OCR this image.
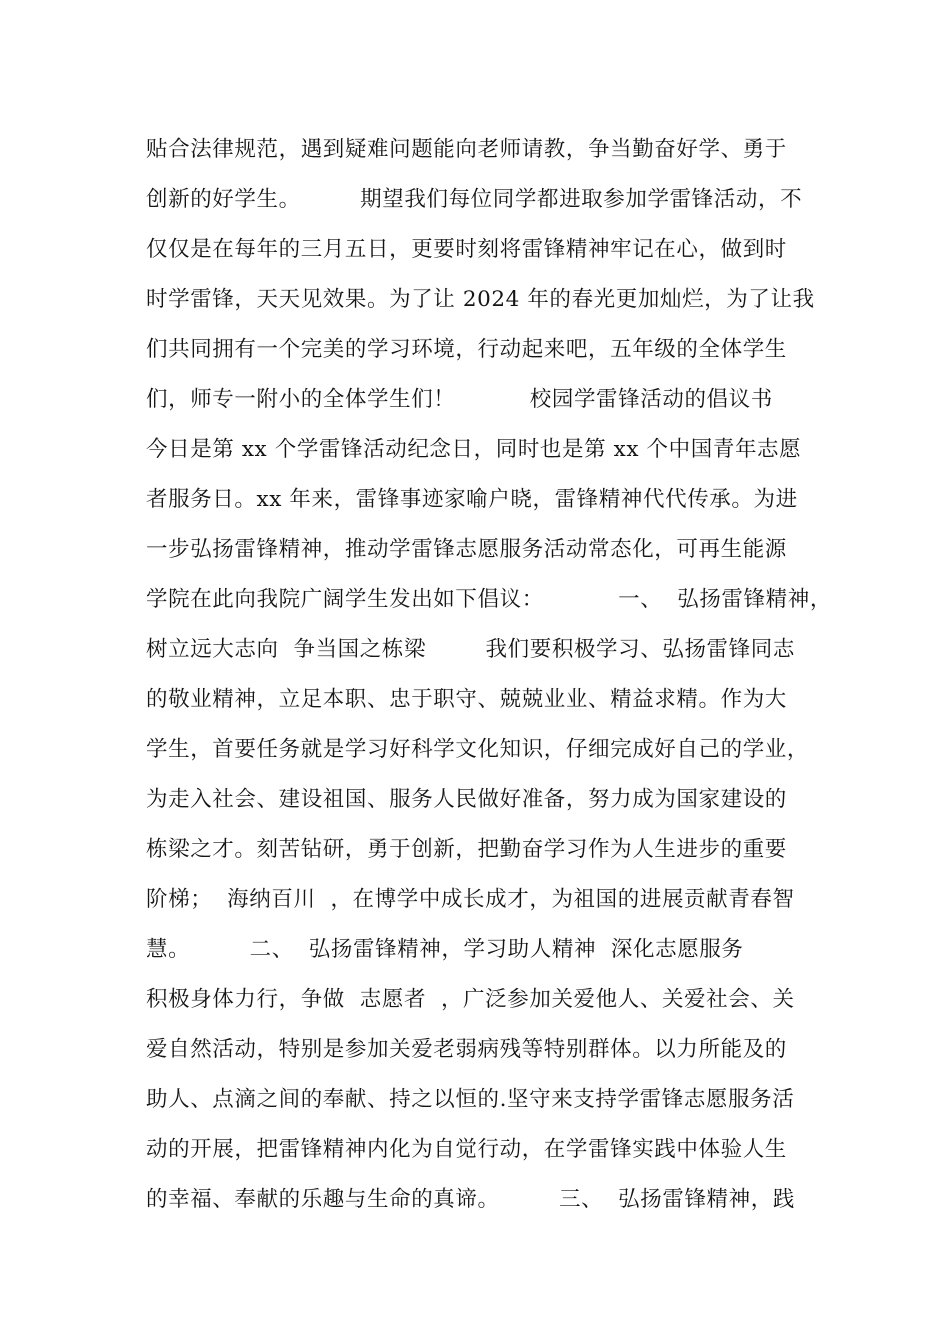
贴合法律规范，遇到疑难问题能向老师请教，争当勤奋好学、勇于
创新的好学生。        期望我们每位同学都进取参加学雷锋活动，不
仅仅是在每年的三月五日，更要时刻将雷锋精神牢记在心，做到时
时学雷锋，天天见效果。为了让 2024 年的春光更加灿烂，为了让我
们共同拥有一个完美的学习环境，行动起来吧，五年级的全体学生
们，师专一附小的全体学生们！          校园学雷锋活动的倡议书
今日是第 xx 个学雷锋活动纪念日，同时也是第 xx 个中国青年志愿
者服务日。xx 年来，雷锋事迹家喻户晓，雷锋精神代代传承。为进
一步弘扬雷锋精神，推动学雷锋志愿服务活动常态化，可再生能源
学院在此向我院广阔学生发出如下倡议：          一、  弘扬雷锋精神，
树立远大志向  争当国之栋梁        我们要积极学习、弘扬雷锋同志
的敬业精神，立足本职、忠于职守、兢兢业业、精益求精。作为大
学生，首要任务就是学习好科学文化知识，仔细完成好自己的学业，
为走入社会、建设祖国、服务人民做好准备，努力成为国家建设的
栋梁之才。刻苦钻研，勇于创新，把勤奋学习作为人生进步的重要
阶梯；  海纳百川  ，在博学中成长成才，为祖国的进展贡献青春智
慧。        二、  弘扬雷锋精神，学习助人精神  深化志愿服务
积极身体力行，争做  志愿者  ，广泛参加关爱他人、关爱社会、关
爱自然活动，特别是参加关爱老弱病残等特别群体。以力所能及的
助人、点滴之间的奉献、持之以恒的.坚守来支持学雷锋志愿服务活
动的开展，把雷锋精神内化为自觉行动，在学雷锋实践中体验人生
的幸福、奉献的乐趣与生命的真谛。        三、  弘扬雷锋精神，践
